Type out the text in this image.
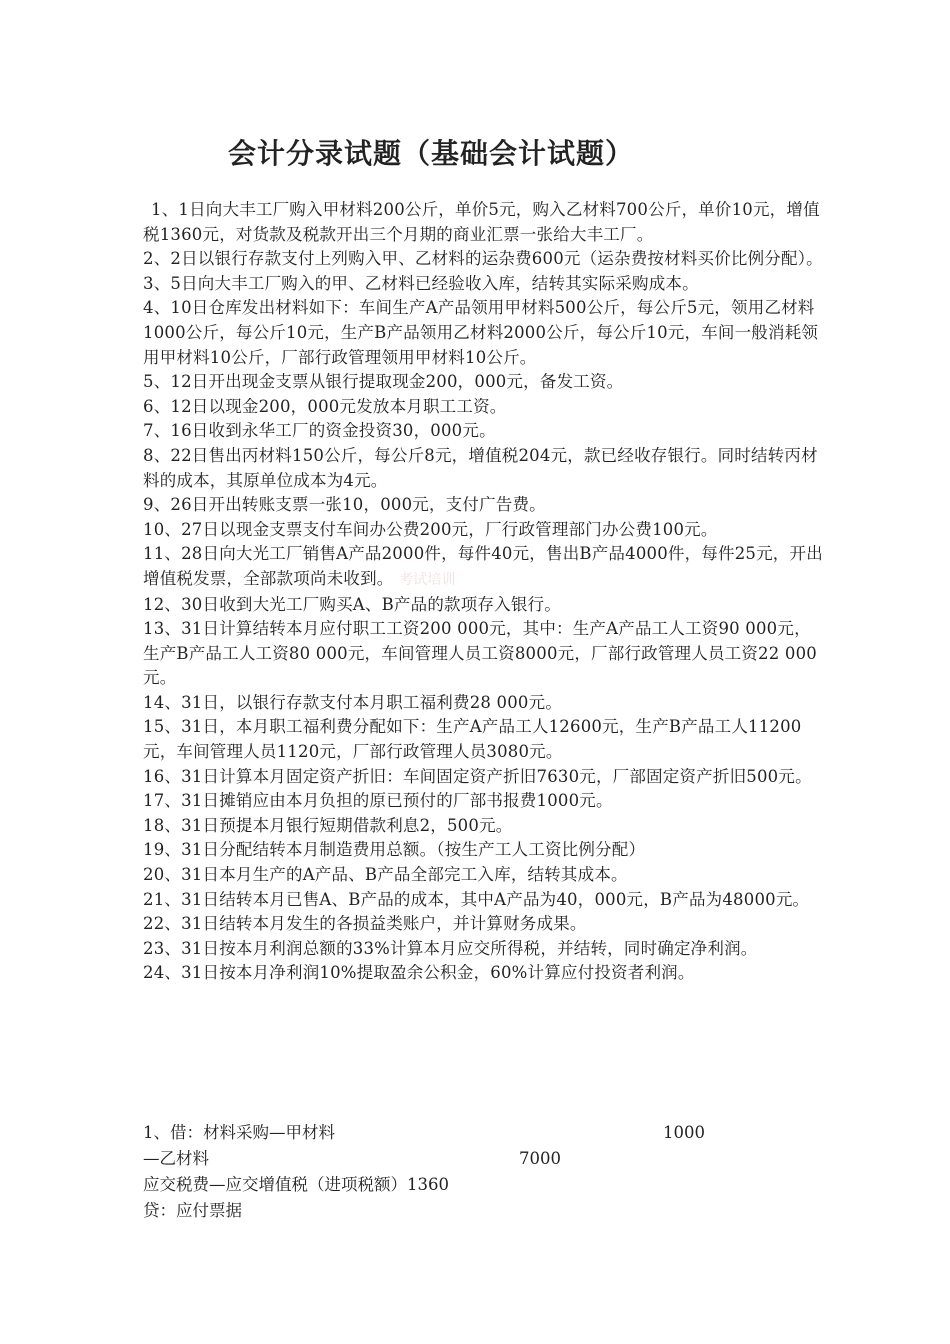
会计分录试题（基础会计试题）

1、1日向大丰工厂购入甲材料200公斤，单价5元，购入乙材料700公斤，单价10元，增值税1360元，对货款及税款开出三个月期的商业汇票一张给大丰工厂。

2、2日以银行存款支付上列购入甲、乙材料的运杂费600元（运杂费按材料买价比例分配）。

3、5日向大丰工厂购入的甲、乙材料已经验收入库，结转其实际采购成本。

4、10日仓库发出材料如下：车间生产A产品领用甲材料500公斤，每公斤5元，领用乙材料1000公斤，每公斤10元，生产B产品领用乙材料2000公斤，每公斤10元，车间一般消耗领用甲材料10公斤，厂部行政管理领用甲材料10公斤。

5、12日开出现金支票从银行提取现金200，000元，备发工资。

6、12日以现金200，000元发放本月职工工资。

7、16日收到永华工厂的资金投资30，000元。

8、22日售出丙材料150公斤，每公斤8元，增值税204元，款已经收存银行。同时结转丙材料的成本，其原单位成本为4元。

9、26日开出转账支票一张10，000元，支付广告费。

10、27日以现金支票支付车间办公费200元，厂行政管理部门办公费100元。

11、28日向大光工厂销售A产品2000件，每件40元，售出B产品4000件，每件25元，开出增值税发票，全部款项尚未收到。 考试培训

12、30日收到大光工厂购买A、B产品的款项存入银行。

13、31日计算结转本月应付职工工资200 000元，其中：生产A产品工人工资90 000元，生产B产品工人工资80 000元，车间管理人员工资8000元，厂部行政管理人员工资22 000元。

14、31日，以银行存款支付本月职工福利费28 000元。

15、31日，本月职工福利费分配如下：生产A产品工人12600元，生产B产品工人11200元，车间管理人员1120元，厂部行政管理人员3080元。

16、31日计算本月固定资产折旧：车间固定资产折旧7630元，厂部固定资产折旧500元。

17、31日摊销应由本月负担的原已预付的厂部书报费1000元。

18、31日预提本月银行短期借款利息2，500元。

19、31日分配结转本月制造费用总额。（按生产工人工资比例分配）

20、31日本月生产的A产品、B产品全部完工入库，结转其成本。

21、31日结转本月已售A、B产品的成本，其中A产品为40，000元，B产品为48000元。

22、31日结转本月发生的各损益类账户，并计算财务成果。

23、31日按本月利润总额的33%计算本月应交所得税，并结转，同时确定净利润。

24、31日按本月净利润10%提取盈余公积金，60%计算应付投资者利润。

1、借：材料采购—甲材料	1000
—乙材料	7000
应交税费—应交增值税（进项税额）1360
贷：应付票据
